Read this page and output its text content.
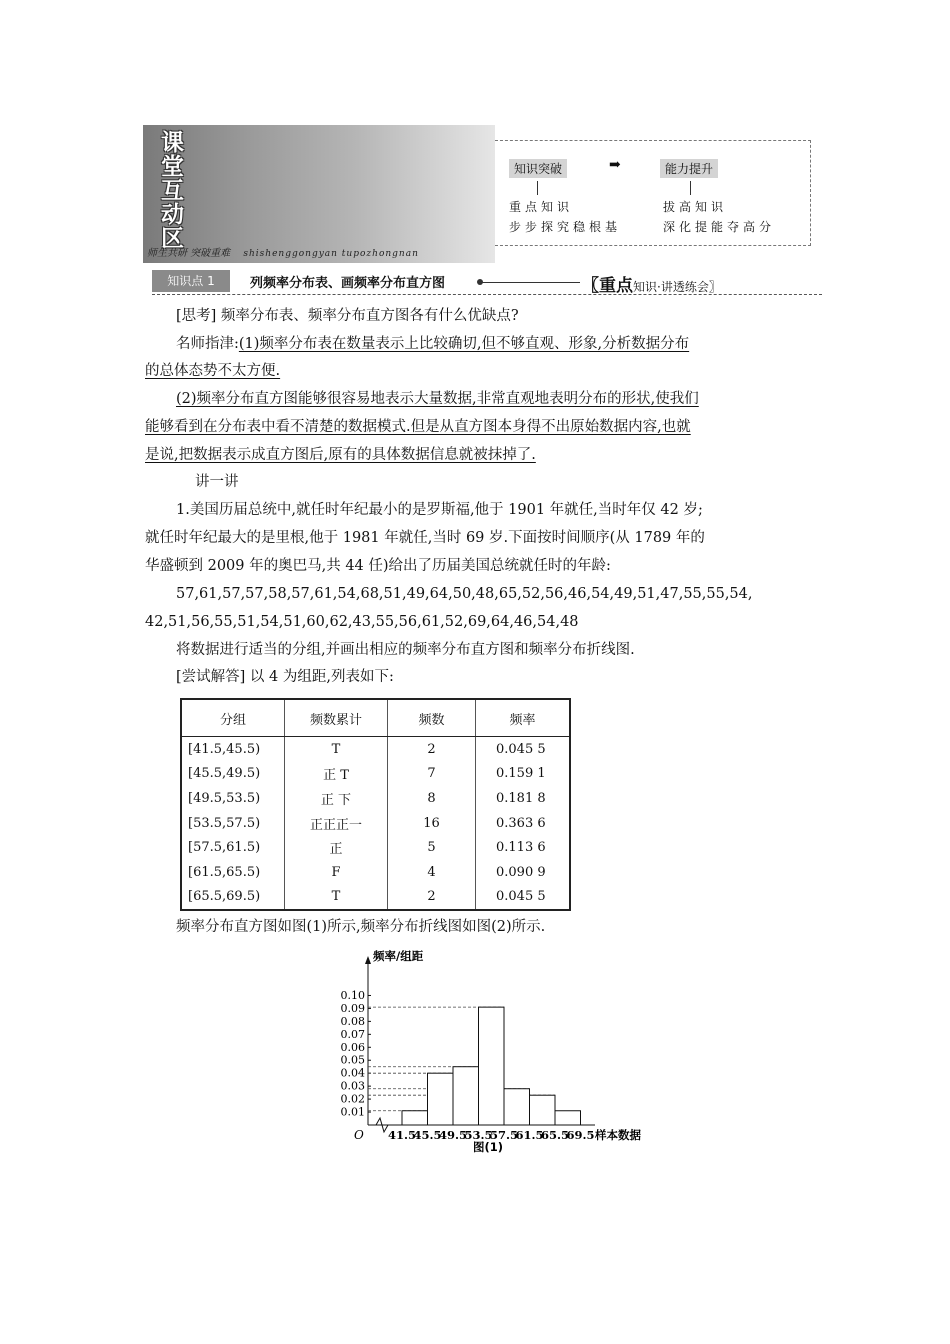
课
堂
互
动
区
师生共研 突破重难 shishenggongyan tupozhongnan
知识突破	➡	能力提升
重点知识
步步探究稳根基
拔高知识
深化提能夺高分
知识点 1	列频率分布表、画频率分布直方图	〖重点知识·讲透练会〗
[思考] 频率分布表、频率分布直方图各有什么优缺点?
名师指津:(1)频率分布表在数量表示上比较确切,但不够直观、形象,分析数据分布
的总体态势不太方便.
(2)频率分布直方图能够很容易地表示大量数据,非常直观地表明分布的形状,使我们
能够看到在分布表中看不清楚的数据模式.但是从直方图本身得不出原始数据内容,也就
是说,把数据表示成直方图后,原有的具体数据信息就被抹掉了.
讲一讲
1.美国历届总统中,就任时年纪最小的是罗斯福,他于 1901 年就任,当时年仅 42 岁;
就任时年纪最大的是里根,他于 1981 年就任,当时 69 岁.下面按时间顺序(从 1789 年的
华盛顿到 2009 年的奥巴马,共 44 任)给出了历届美国总统就任时的年龄:
57,61,57,57,58,57,61,54,68,51,49,64,50,48,65,52,56,46,54,49,51,47,55,55,54,
42,51,56,55,51,54,51,60,62,43,55,56,61,52,69,64,46,54,48
将数据进行适当的分组,并画出相应的频率分布直方图和频率分布折线图.
[尝试解答] 以 4 为组距,列表如下:
分组	频数累计	频数	频率
[41.5,45.5)	T	2	0.045 5
[45.5,49.5)	正 T	7	0.159 1
[49.5,53.5)	正 下	8	0.181 8
[53.5,57.5)	正正正一	16	0.363 6
[57.5,61.5)	正	5	0.113 6
[61.5,65.5)	F	4	0.090 9
[65.5,69.5)	T	2	0.045 5
频率分布直方图如图(1)所示,频率分布折线图如图(2)所示.
0.01
0.02
0.03
0.04
0.05
0.06
0.07
0.08
0.09
0.10
41.5
45.5
49.5
53.5
57.5
61.5
65.5
69.5 样本数据
频率/组距
O
图(1)
